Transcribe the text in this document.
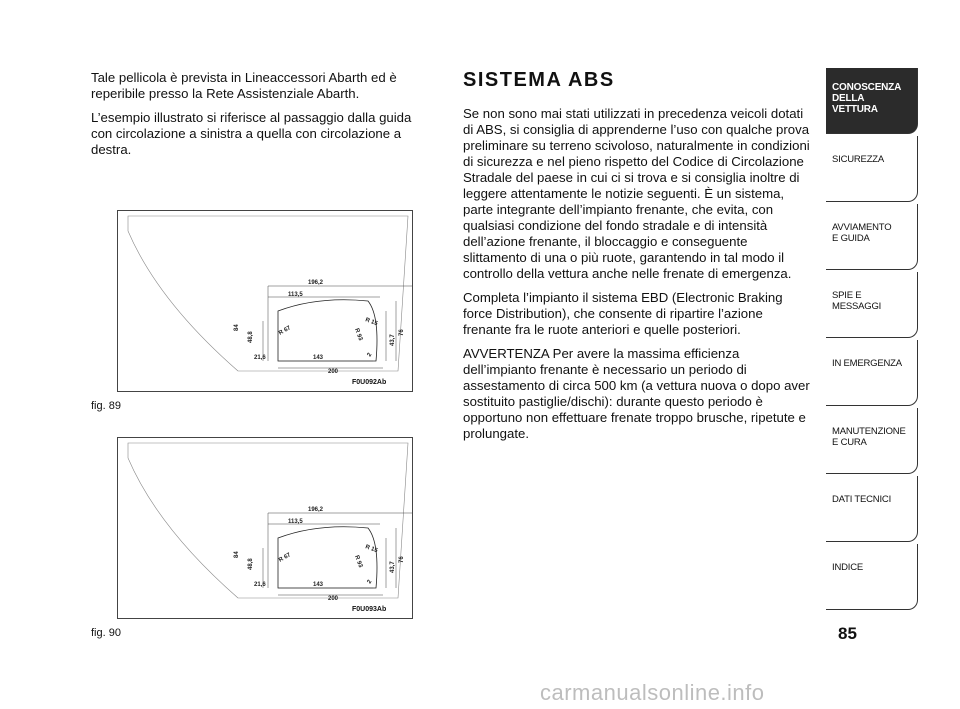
Tale pellicola è prevista in Lineaccessori Abarth ed è reperibile presso la Rete Assistenziale Abarth.

L’esempio illustrato si riferisce al passaggio dalla guida con circolazione a sinistra a quella con circolazione a destra.

196,2
113,5
84
48,8
R 67
R 15
R 93	43,7
76
21,6	143
200
2
F0U092Ab
fig. 89
196,2
113,5
84
48,8
R 67
R 15
R 93	43,7
76
21,6	143
200
2
F0U093Ab
fig. 90
SISTEMA ABS

Se non sono mai stati utilizzati in precedenza veicoli dotati di ABS, si consiglia di apprenderne l’uso con qualche prova preliminare su terreno scivoloso, naturalmente in condizioni di sicurezza e nel pieno rispetto del Codice di Circolazione Stradale del paese in cui ci si trova e si consiglia inoltre di leggere attentamente le notizie seguenti. È un sistema, parte integrante dell’impianto frenante, che evita, con qualsiasi condizione del fondo stradale e di intensità dell’azione frenante, il bloccaggio e conseguente slittamento di una o più ruote, garantendo in tal modo il controllo della vettura anche nelle frenate di emergenza.

Completa l’impianto il sistema EBD (Electronic Braking force Distribution), che consente di ripartire l’azione frenante fra le ruote anteriori e quelle posteriori.

AVVERTENZA Per avere la massima efficienza dell’impianto frenante è necessario un periodo di assestamento di circa 500 km (a vettura nuova o dopo aver sostituito pastiglie/dischi): durante questo periodo è opportuno non effettuare frenate troppo brusche, ripetute e prolungate.

CONOSCENZA
DELLA
VETTURA
SICUREZZA
AVVIAMENTO
E GUIDA
SPIE E
MESSAGGI
IN EMERGENZA
MANUTENZIONE
E CURA
DATI TECNICI
INDICE
85
carmanualsonline.info
